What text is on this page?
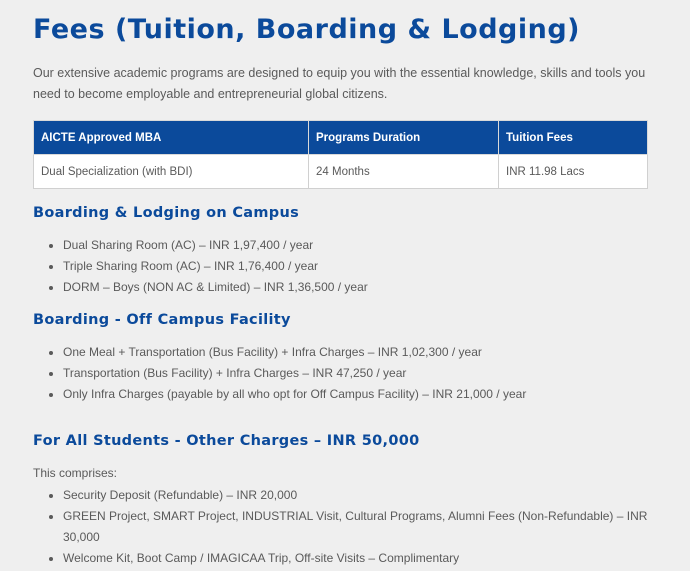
Fees (Tuition, Boarding & Lodging)

Our extensive academic programs are designed to equip you with the essential knowledge, skills and tools you need to become employable and entrepreneurial global citizens.

AICTE Approved MBA	Programs Duration	Tuition Fees
Dual Specialization (with BDI)	24 Months	INR 11.98 Lacs
Boarding & Lodging on Campus
• Dual Sharing Room (AC) – INR 1,97,400 / year
• Triple Sharing Room (AC) – INR 1,76,400 / year
• DORM – Boys (NON AC & Limited) – INR 1,36,500 / year
Boarding - Off Campus Facility
• One Meal + Transportation (Bus Facility) + Infra Charges – INR 1,02,300 / year
• Transportation (Bus Facility) + Infra Charges – INR 47,250 / year
• Only Infra Charges (payable by all who opt for Off Campus Facility) – INR 21,000 / year
For All Students - Other Charges – INR 50,000
This comprises:
• Security Deposit (Refundable) – INR 20,000
• GREEN Project, SMART Project, INDUSTRIAL Visit, Cultural Programs, Alumni Fees (Non-Refundable) – INR 30,000
• Welcome Kit, Boot Camp / IMAGICAA Trip, Off-site Visits – Complimentary
